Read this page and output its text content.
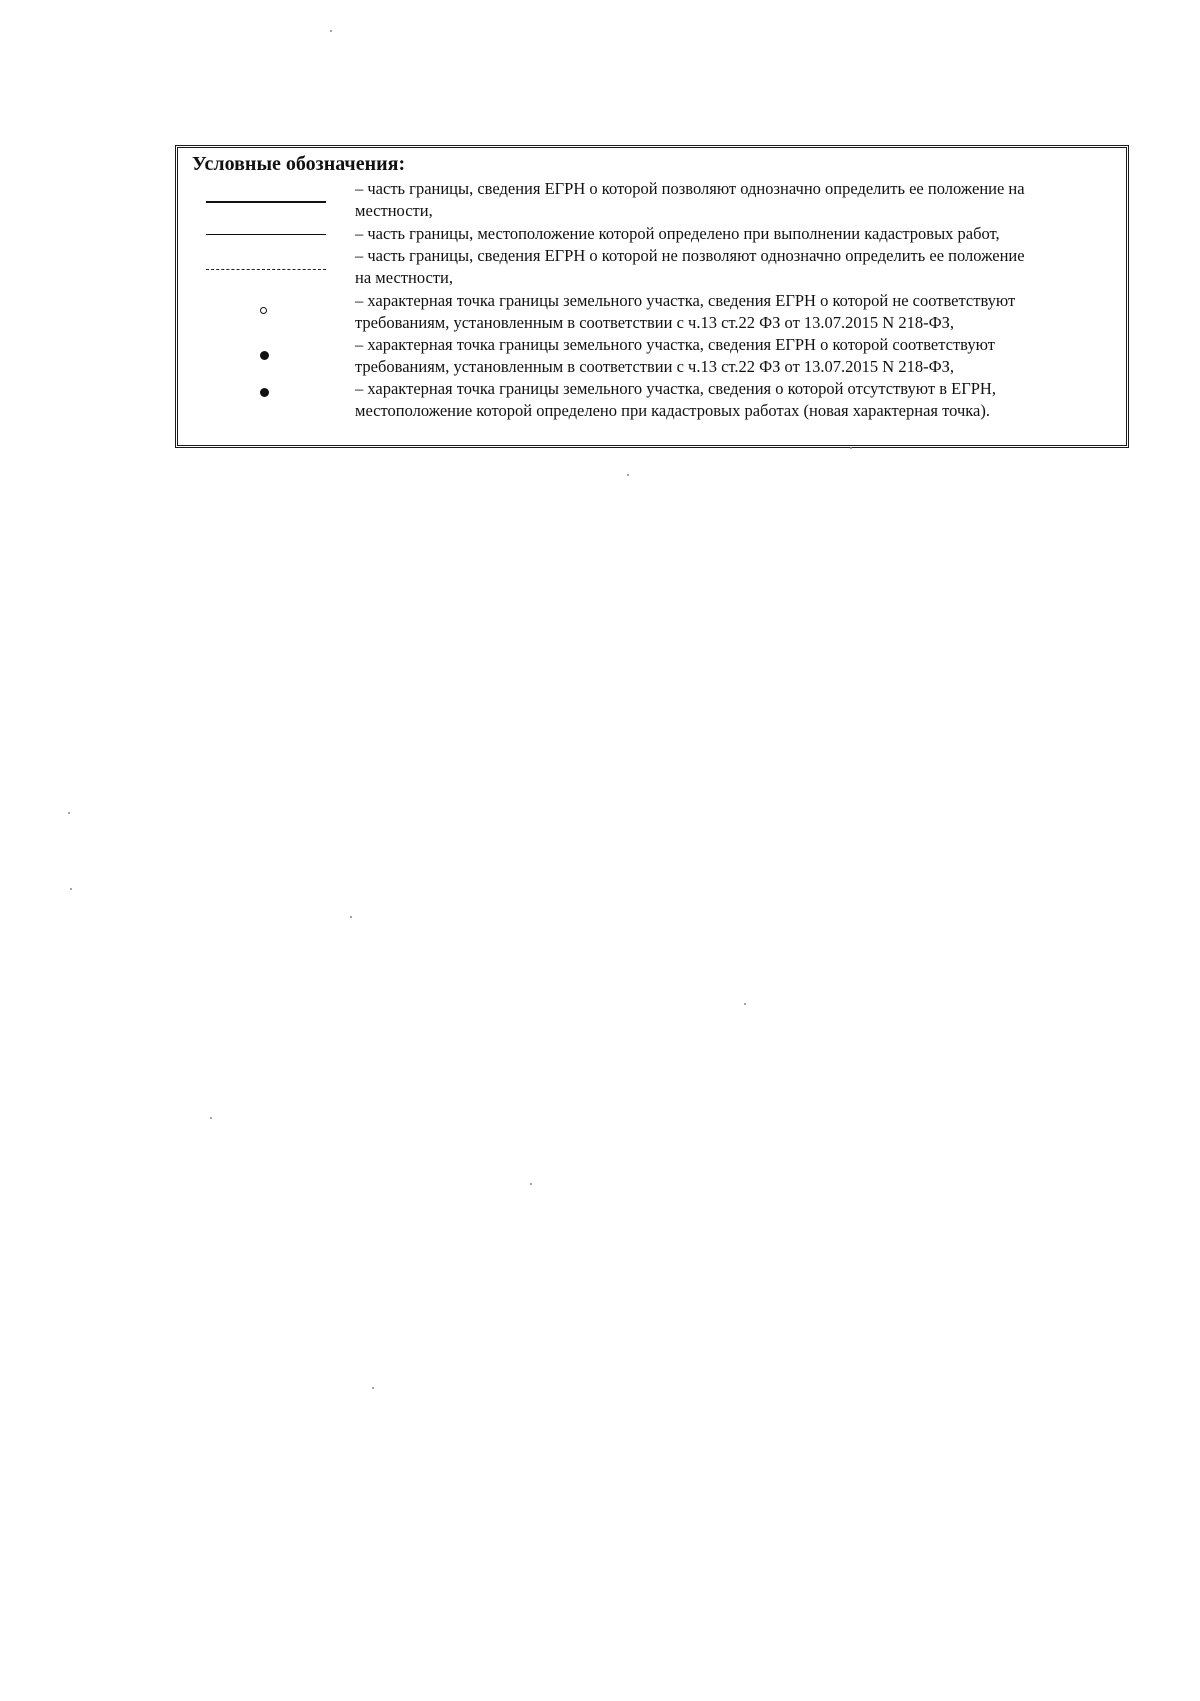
Условные обозначения:

– часть границы, сведения ЕГРН о которой позволяют однозначно определить ее положение на
местности,

– часть границы, местоположение которой определено при выполнении кадастровых работ,

– часть границы, сведения ЕГРН о которой не позволяют однозначно определить ее положение
на местности,

– характерная точка границы земельного участка, сведения ЕГРН о которой не соответствуют
требованиям, установленным в соответствии с ч.13 ст.22 ФЗ от 13.07.2015 N 218-ФЗ,

– характерная точка границы земельного участка, сведения ЕГРН о которой соответствуют
требованиям, установленным в соответствии с ч.13 ст.22 ФЗ от 13.07.2015 N 218-ФЗ,

– характерная точка границы земельного участка, сведения о которой отсутствуют в ЕГРН,
местоположение которой определено при кадастровых работах (новая характерная точка).
